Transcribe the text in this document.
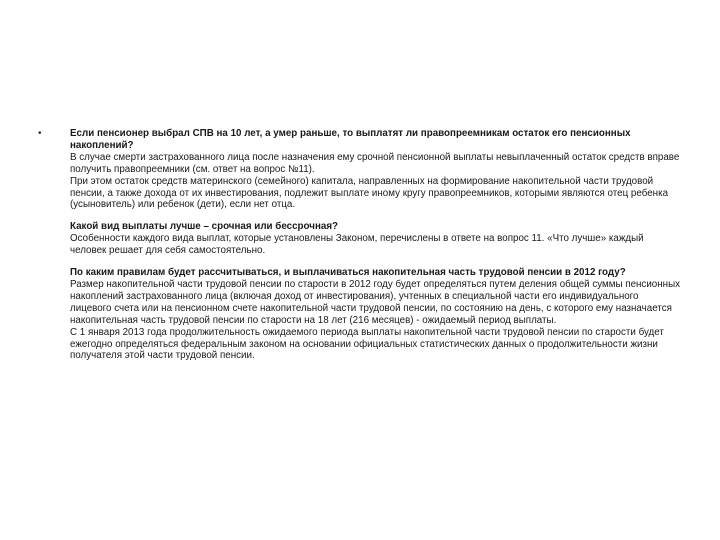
•	Если пенсионер выбрал СПВ на 10 лет, а умер раньше, то выплатят ли правопреемникам остаток его пенсионных накоплений?
В случае смерти застрахованного лица после назначения ему срочной пенсионной выплаты невыплаченный остаток средств вправе получить правопреемники (см. ответ на вопрос №11).
При этом остаток средств материнского (семейного) капитала, направленных на формирование накопительной части трудовой пенсии, а также дохода от их инвестирования, подлежит выплате иному кругу правопреемников, которыми являются отец ребенка (усыновитель) или ребенок (дети), если нет отца.
Какой вид выплаты лучше – срочная или бессрочная?
Особенности каждого вида выплат, которые установлены Законом, перечислены в ответе на вопрос 11. «Что лучше» каждый человек решает для себя самостоятельно.
По каким правилам будет рассчитываться, и выплачиваться накопительная часть трудовой пенсии в 2012 году?
Размер накопительной части трудовой пенсии по старости в 2012 году будет определяться путем деления общей суммы пенсионных накоплений застрахованного лица (включая доход от инвестирования), учтенных в специальной части его индивидуального лицевого счета или на пенсионном счете накопительной части трудовой пенсии, по состоянию на день, с которого ему назначается накопительная часть трудовой пенсии по старости на 18 лет (216 месяцев) - ожидаемый период выплаты.
С 1 января 2013 года продолжительность ожидаемого периода выплаты накопительной части трудовой пенсии по старости будет ежегодно определяться федеральным законом на основании официальных статистических данных о продолжительности жизни получателя этой части трудовой пенсии.
